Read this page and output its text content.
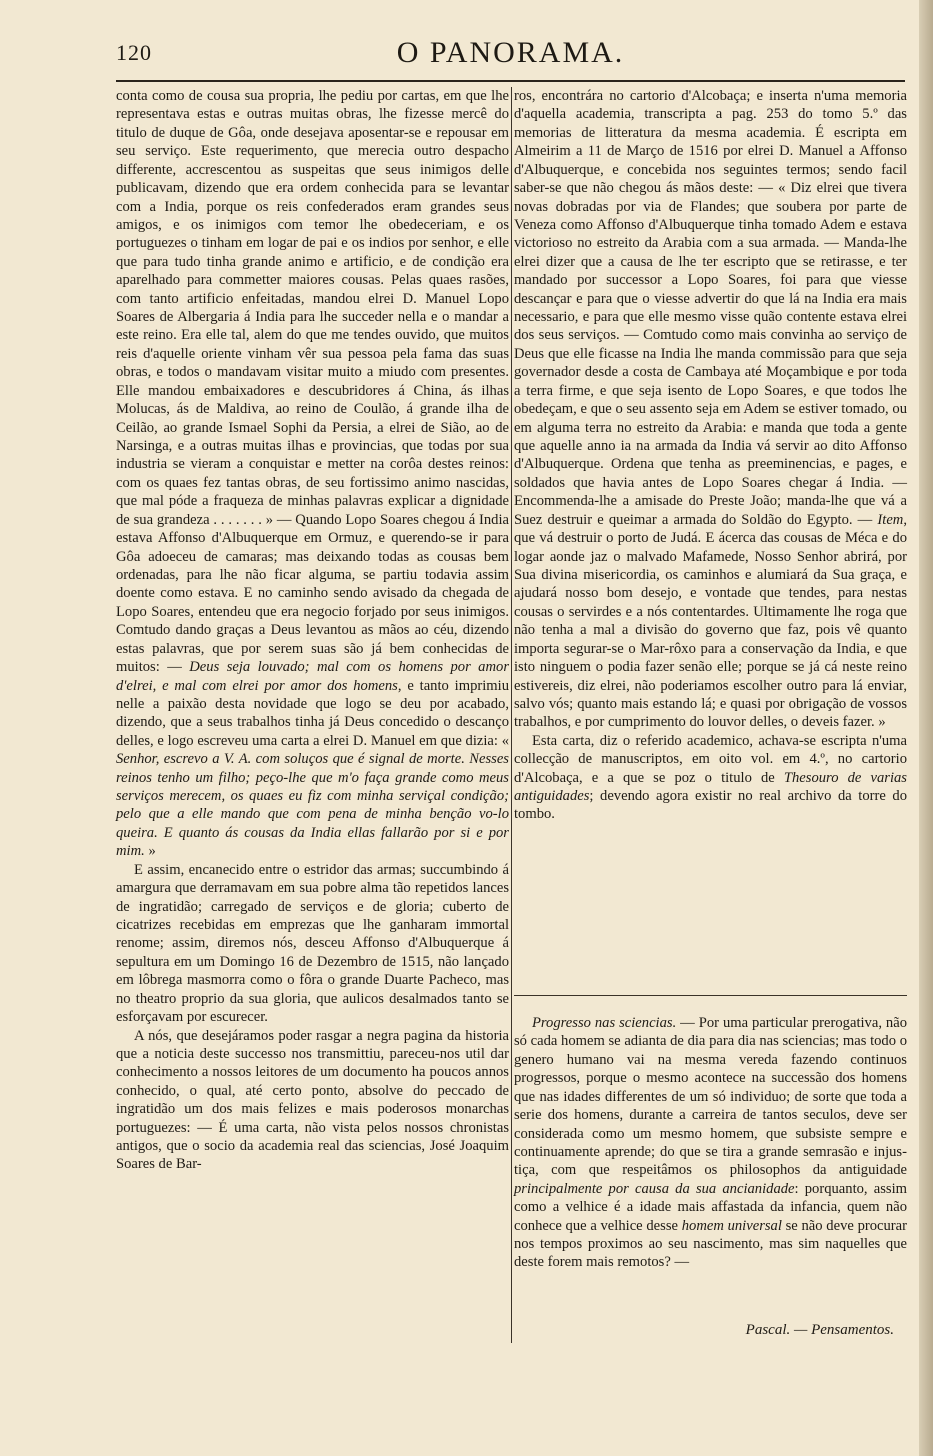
120	O PANORAMA.

conta como de cousa sua propria, lhe pediu por cartas, em que lhe representava estas e outras muitas obras, lhe fizesse mercê do titulo de duque de Gôa, onde desejava aposentar-se e repousar em seu serviço. Este requerimento, que merecia outro despacho differente, accrescentou as suspeitas que seus inimigos delle publicavam, dizendo que era ordem conhecida para se levantar com a India, porque os reis confederados eram grandes seus amigos, e os inimigos com temor lhe obedeceriam, e os portuguezes o tinham em logar de pai e os indios por senhor, e elle que para tudo tinha grande animo e artificio, e de condição era aparelhado para commetter maiores cousas. Pelas quaes rasões, com tanto artificio enfeitadas, mandou elrei D. Manuel Lopo Soares de Albergaria á India para lhe succeder nella e o mandar a este reino. Era elle tal, alem do que me tendes ouvido, que muitos reis d'aquelle oriente vinham vêr sua pessoa pela fama das suas obras, e todos o mandavam visitar muito a miudo com presentes. Elle mandou embaixadores e descubridores á China, ás ilhas Molucas, ás de Maldiva, ao reino de Coulão, á grande ilha de Ceilão, ao grande Ismael Sophi da Persia, a elrei de Sião, ao de Narsinga, e a outras muitas ilhas e provincias, que todas por sua industria se vieram a conquistar e metter na corôa destes reinos: com os quaes fez tantas obras, de seu fortissimo animo nascidas, que mal póde a fraqueza de minhas palavras explicar a dignidade de sua grandeza . . . . . . . » — Quando Lopo Soares chegou á India estava Affonso d'Albuquerque em Ormuz, e querendo-se ir para Gôa adoeceu de camaras; mas deixando todas as cousas bem ordenadas, para lhe não ficar alguma, se partiu todavia assim doente como estava. E no caminho sendo avisado da chegada de Lopo Soares, entendeu que era negocio forjado por seus inimigos. Comtudo dando graças a Deus levantou as mãos ao céu, dizendo estas palavras, que por serem suas são já bem conhecidas de muitos: — Deus seja louvado; mal com os homens por amor d'elrei, e mal com elrei por amor dos homens, e tanto imprimiu nelle a paixão desta novidade que logo se deu por acabado, dizendo, que a seus trabalhos tinha já Deus concedido o descanço delles, e logo escreveu uma carta a elrei D. Manuel em que dizia: « Senhor, escrevo a V. A. com soluços que é signal de morte. Nesses reinos tenho um filho; peço-lhe que m'o faça grande como meus serviços merecem, os quaes eu fiz com minha serviçal condição; pelo que a elle mando que com pena de minha benção vo-lo queira. E quanto ás cousas da India ellas fallarão por si e por mim. »

E assim, encanecido entre o estridor das armas; succumbindo á amargura que derramavam em sua pobre alma tão repetidos lances de ingratidão; carregado de serviços e de gloria; cuberto de cicatrizes recebidas em emprezas que lhe ganharam immortal renome; assim, diremos nós, desceu Affonso d'Albuquerque á sepultura em um Domingo 16 de Dezembro de 1515, não lançado em lôbrega masmorra como o fôra o grande Duarte Pacheco, mas no theatro proprio da sua gloria, que aulicos desalmados tanto se esforçavam por escurecer.

A nós, que desejáramos poder rasgar a negra pagina da historia que a noticia deste successo nos transmittiu, pareceu-nos util dar conhecimento a nossos leitores de um documento ha poucos annos conhecido, o qual, até certo ponto, absolve do peccado de ingratidão um dos mais felizes e mais poderosos monarchas portuguezes: — É uma carta, não vista pelos nossos chronistas antigos, que o socio da academia real das sciencias, José Joaquim Soares de Bar-

ros, encontrára no cartorio d'Alcobaça; e inserta n'uma memoria d'aquella academia, transcripta a pag. 253 do tomo 5.º das memorias de litteratura da mesma academia. É escripta em Almeirim a 11 de Março de 1516 por elrei D. Manuel a Affonso d'Albuquerque, e concebida nos seguintes termos; sendo facil saber-se que não chegou ás mãos deste: — « Diz elrei que tivera novas dobradas por via de Flandes; que soubera por parte de Veneza como Affonso d'Albuquerque tinha tomado Adem e estava victorioso no estreito da Arabia com a sua armada. — Manda-lhe elrei dizer que a causa de lhe ter escripto que se retirasse, e ter mandado por successor a Lopo Soares, foi para que viesse descançar e para que o viesse advertir do que lá na India era mais necessario, e para que elle mesmo visse quão contente estava elrei dos seus serviços. — Comtudo como mais convinha ao serviço de Deus que elle ficasse na India lhe manda commissão para que seja governador desde a costa de Cambaya até Moçambique e por toda a terra firme, e que seja isento de Lopo Soares, e que todos lhe obedeçam, e que o seu assento seja em Adem se estiver tomado, ou em alguma terra no estreito da Arabia: e manda que toda a gente que aquelle anno ia na armada da India vá servir ao dito Affonso d'Albuquerque. Ordena que tenha as preeminencias, e pages, e soldados que havia antes de Lopo Soares chegar á India. — Encommenda-lhe a amisade do Preste João; manda-lhe que vá a Suez destruir e queimar a armada do Soldão do Egypto. — Item, que vá destruir o porto de Judá. E ácerca das cousas de Méca e do logar aonde jaz o malvado Mafamede, Nosso Senhor abrirá, por Sua divina misericordia, os caminhos e alumiará da Sua graça, e ajudará nosso bom desejo, e vontade que tendes, para nestas cousas o servirdes e a nós contentardes. Ultimamente lhe roga que não tenha a mal a divisão do governo que faz, pois vê quanto importa segurar-se o Mar-rôxo para a conservação da India, e que isto ninguem o podia fazer senão elle; porque se já cá neste reino estivereis, diz elrei, não poderiamos escolher outro para lá enviar, salvo vós; quanto mais estando lá; e quasi por obrigação de vossos trabalhos, e por cumprimento do louvor delles, o deveis fazer. »

Esta carta, diz o referido academico, achava-se escripta n'uma collecção de manuscriptos, em oito vol. em 4.º, no cartorio d'Alcobaça, e a que se poz o titulo de Thesouro de varias antiguidades; devendo agora existir no real archivo da torre do tombo.

Progresso nas sciencias. — Por uma particular prerogativa, não só cada homem se adianta de dia para dia nas sciencias; mas todo o genero humano vai na mesma vereda fazendo continuos progressos, porque o mesmo acontece na successão dos homens que nas idades differentes de um só individuo; de sorte que toda a serie dos homens, durante a carreira de tantos seculos, deve ser considerada como um mesmo homem, que subsiste sempre e continuamente aprende; do que se tira a grande semrasão e injustiça, com que respeitâmos os philosophos da antiguidade principalmente por causa da sua ancianidade: porquanto, assim como a velhice é a idade mais affastada da infancia, quem não conhece que a velhice desse homem universal se não deve procurar nos tempos proximos ao seu nascimento, mas sim naquelles que deste forem mais remotos? —

Pascal. — Pensamentos.
